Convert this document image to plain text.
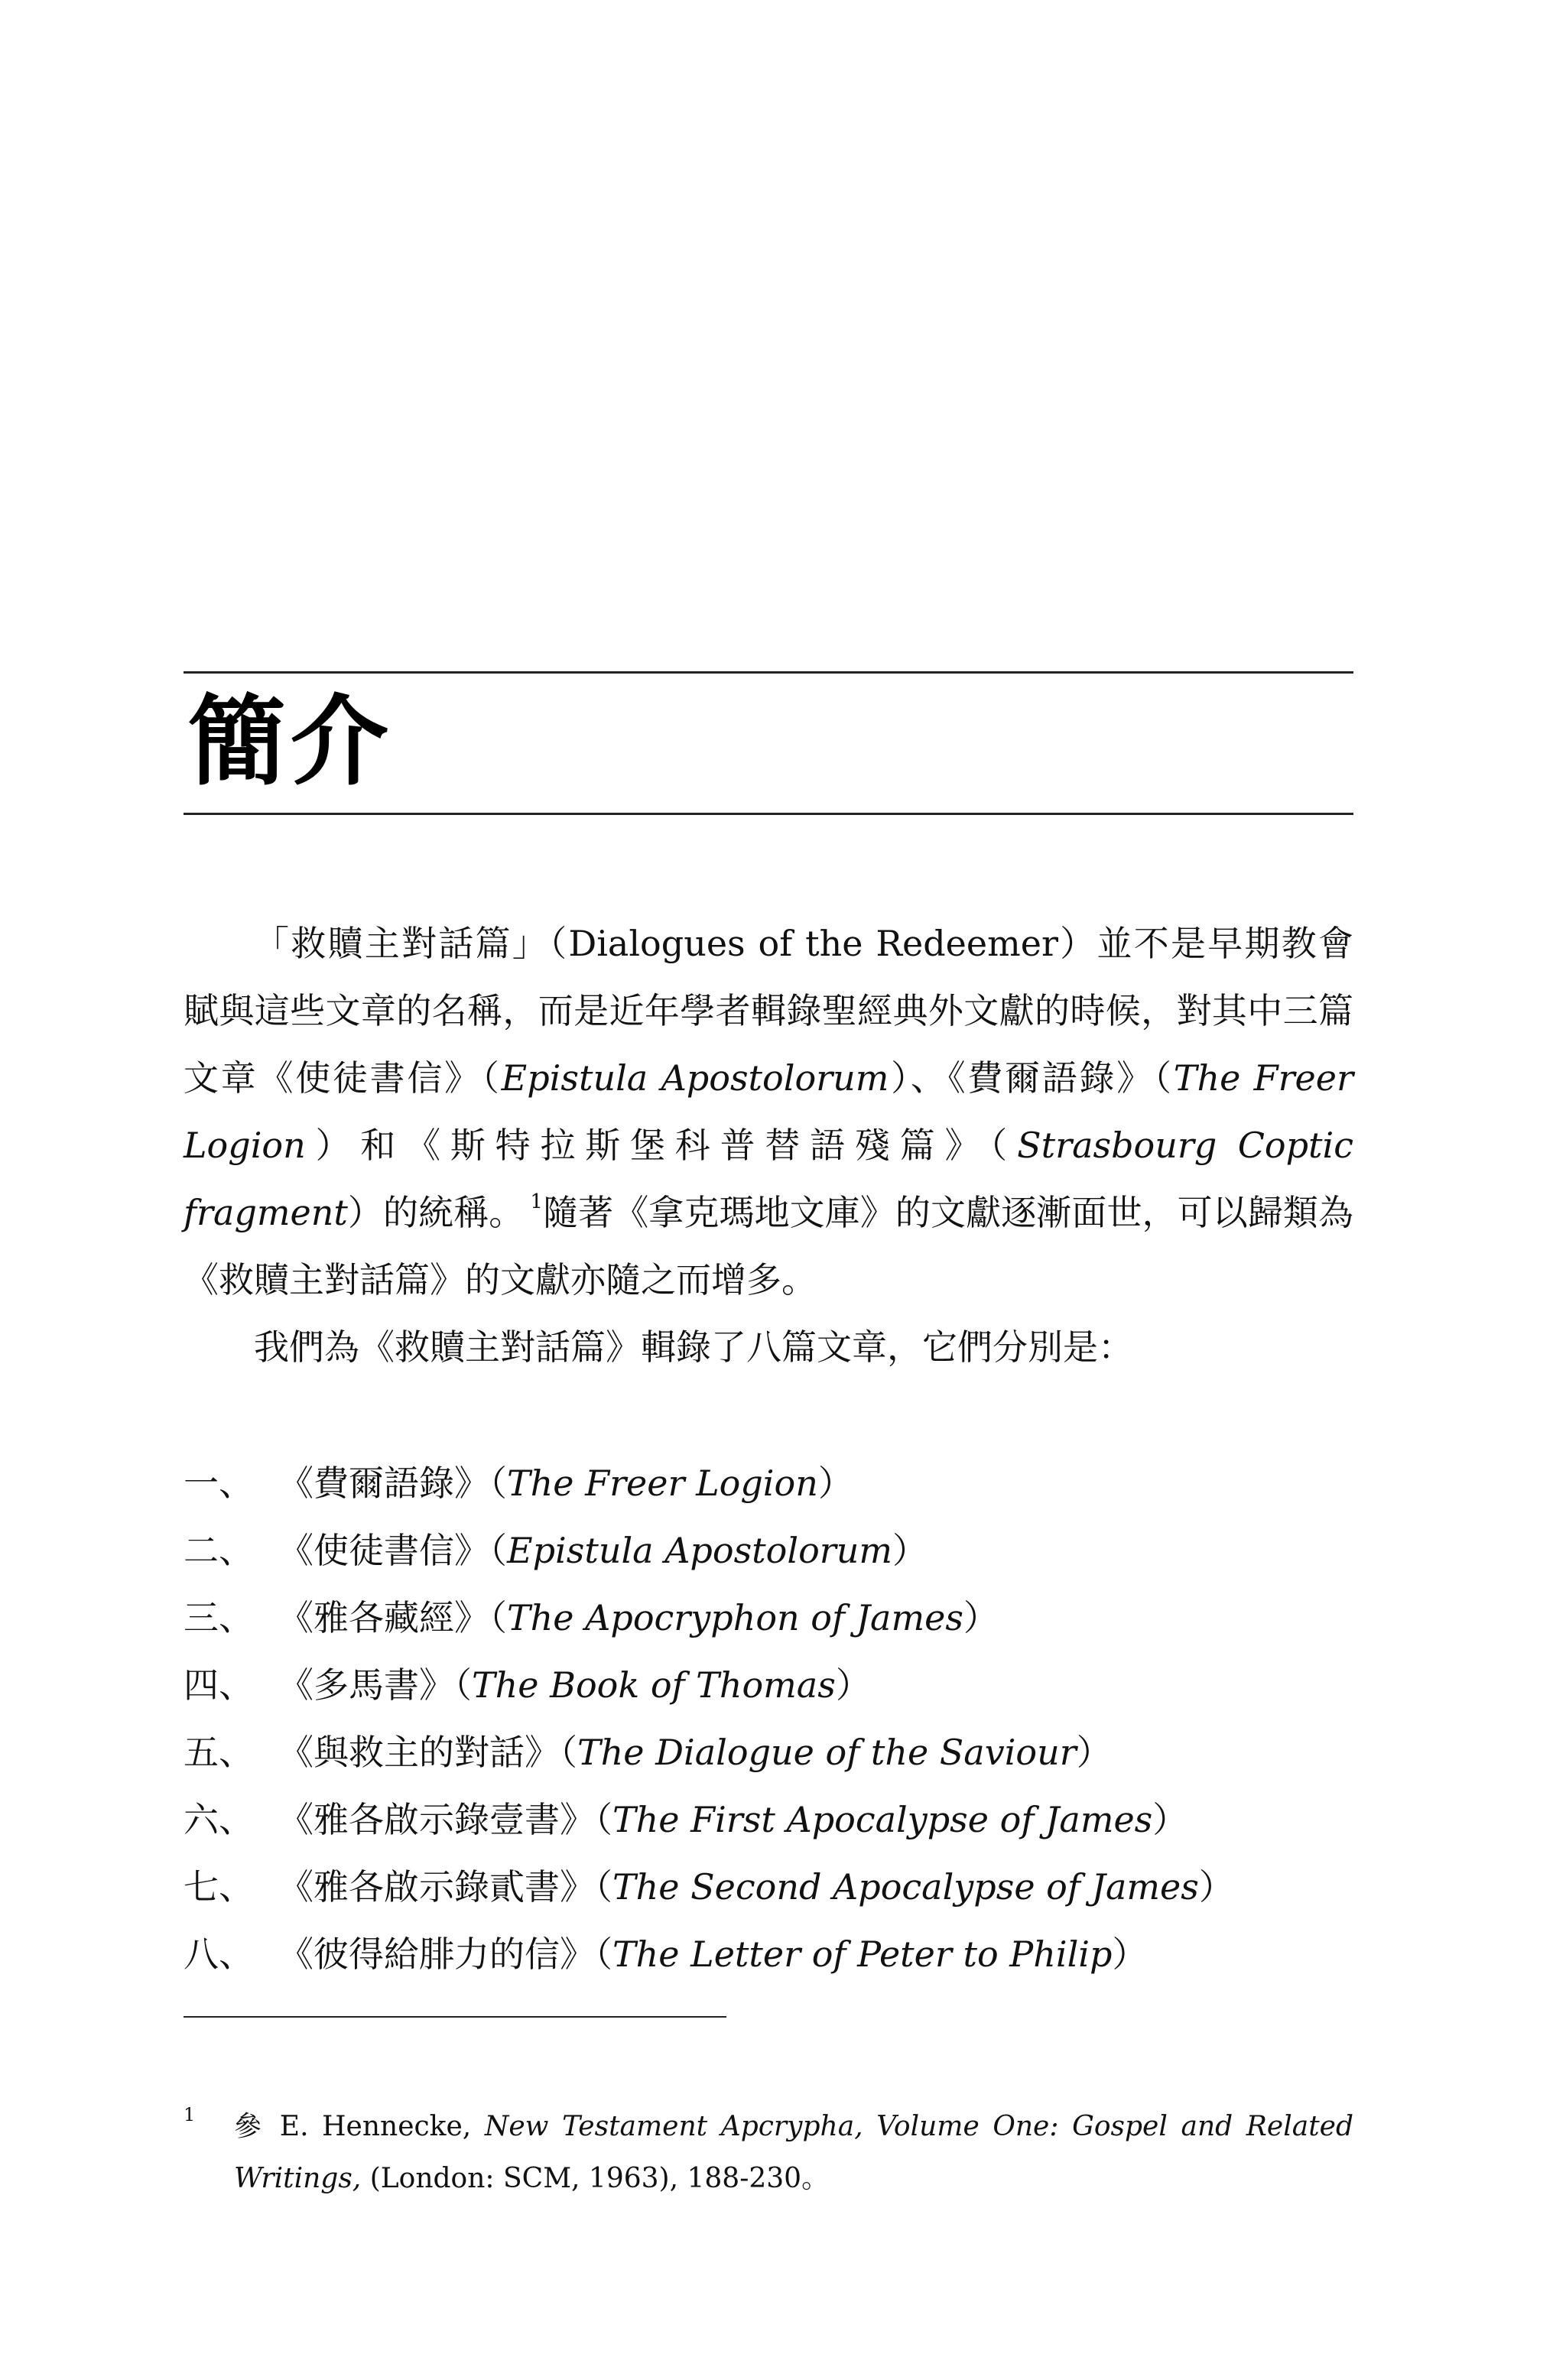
簡介

「救贖主對話篇」（Dialogues of the Redeemer）並不是早期教會賦與這些文章的名稱，而是近年學者輯錄聖經典外文獻的時候，對其中三篇文章《使徒書信》（Epistula Apostolorum）、《費爾語錄》（The Freer Logion）和《斯特拉斯堡科普替語殘篇》（Strasbourg Coptic fragment）的統稱。 $^1$隨著《拿克瑪地文庫》的文獻逐漸面世，可以歸類為《救贖主對話篇》的文獻亦隨之而增多。

我們為《救贖主對話篇》輯錄了八篇文章，它們分別是：

一、 《費爾語錄》（The Freer Logion）
二、 《使徒書信》（Epistula Apostolorum）
三、 《雅各藏經》（The Apocryphon of James）
四、 《多馬書》（The Book of Thomas）
五、 《與救主的對話》（The Dialogue of the Saviour）
六、 《雅各啟示錄壹書》（The First Apocalypse of James）
七、 《雅各啟示錄貳書》（The Second Apocalypse of James）
八、 《彼得給腓力的信》（The Letter of Peter to Philip）
1	參 E. Hennecke, New Testament Apcrypha, Volume One: Gospel and Related Writings, (London: SCM, 1963), 188-230。
